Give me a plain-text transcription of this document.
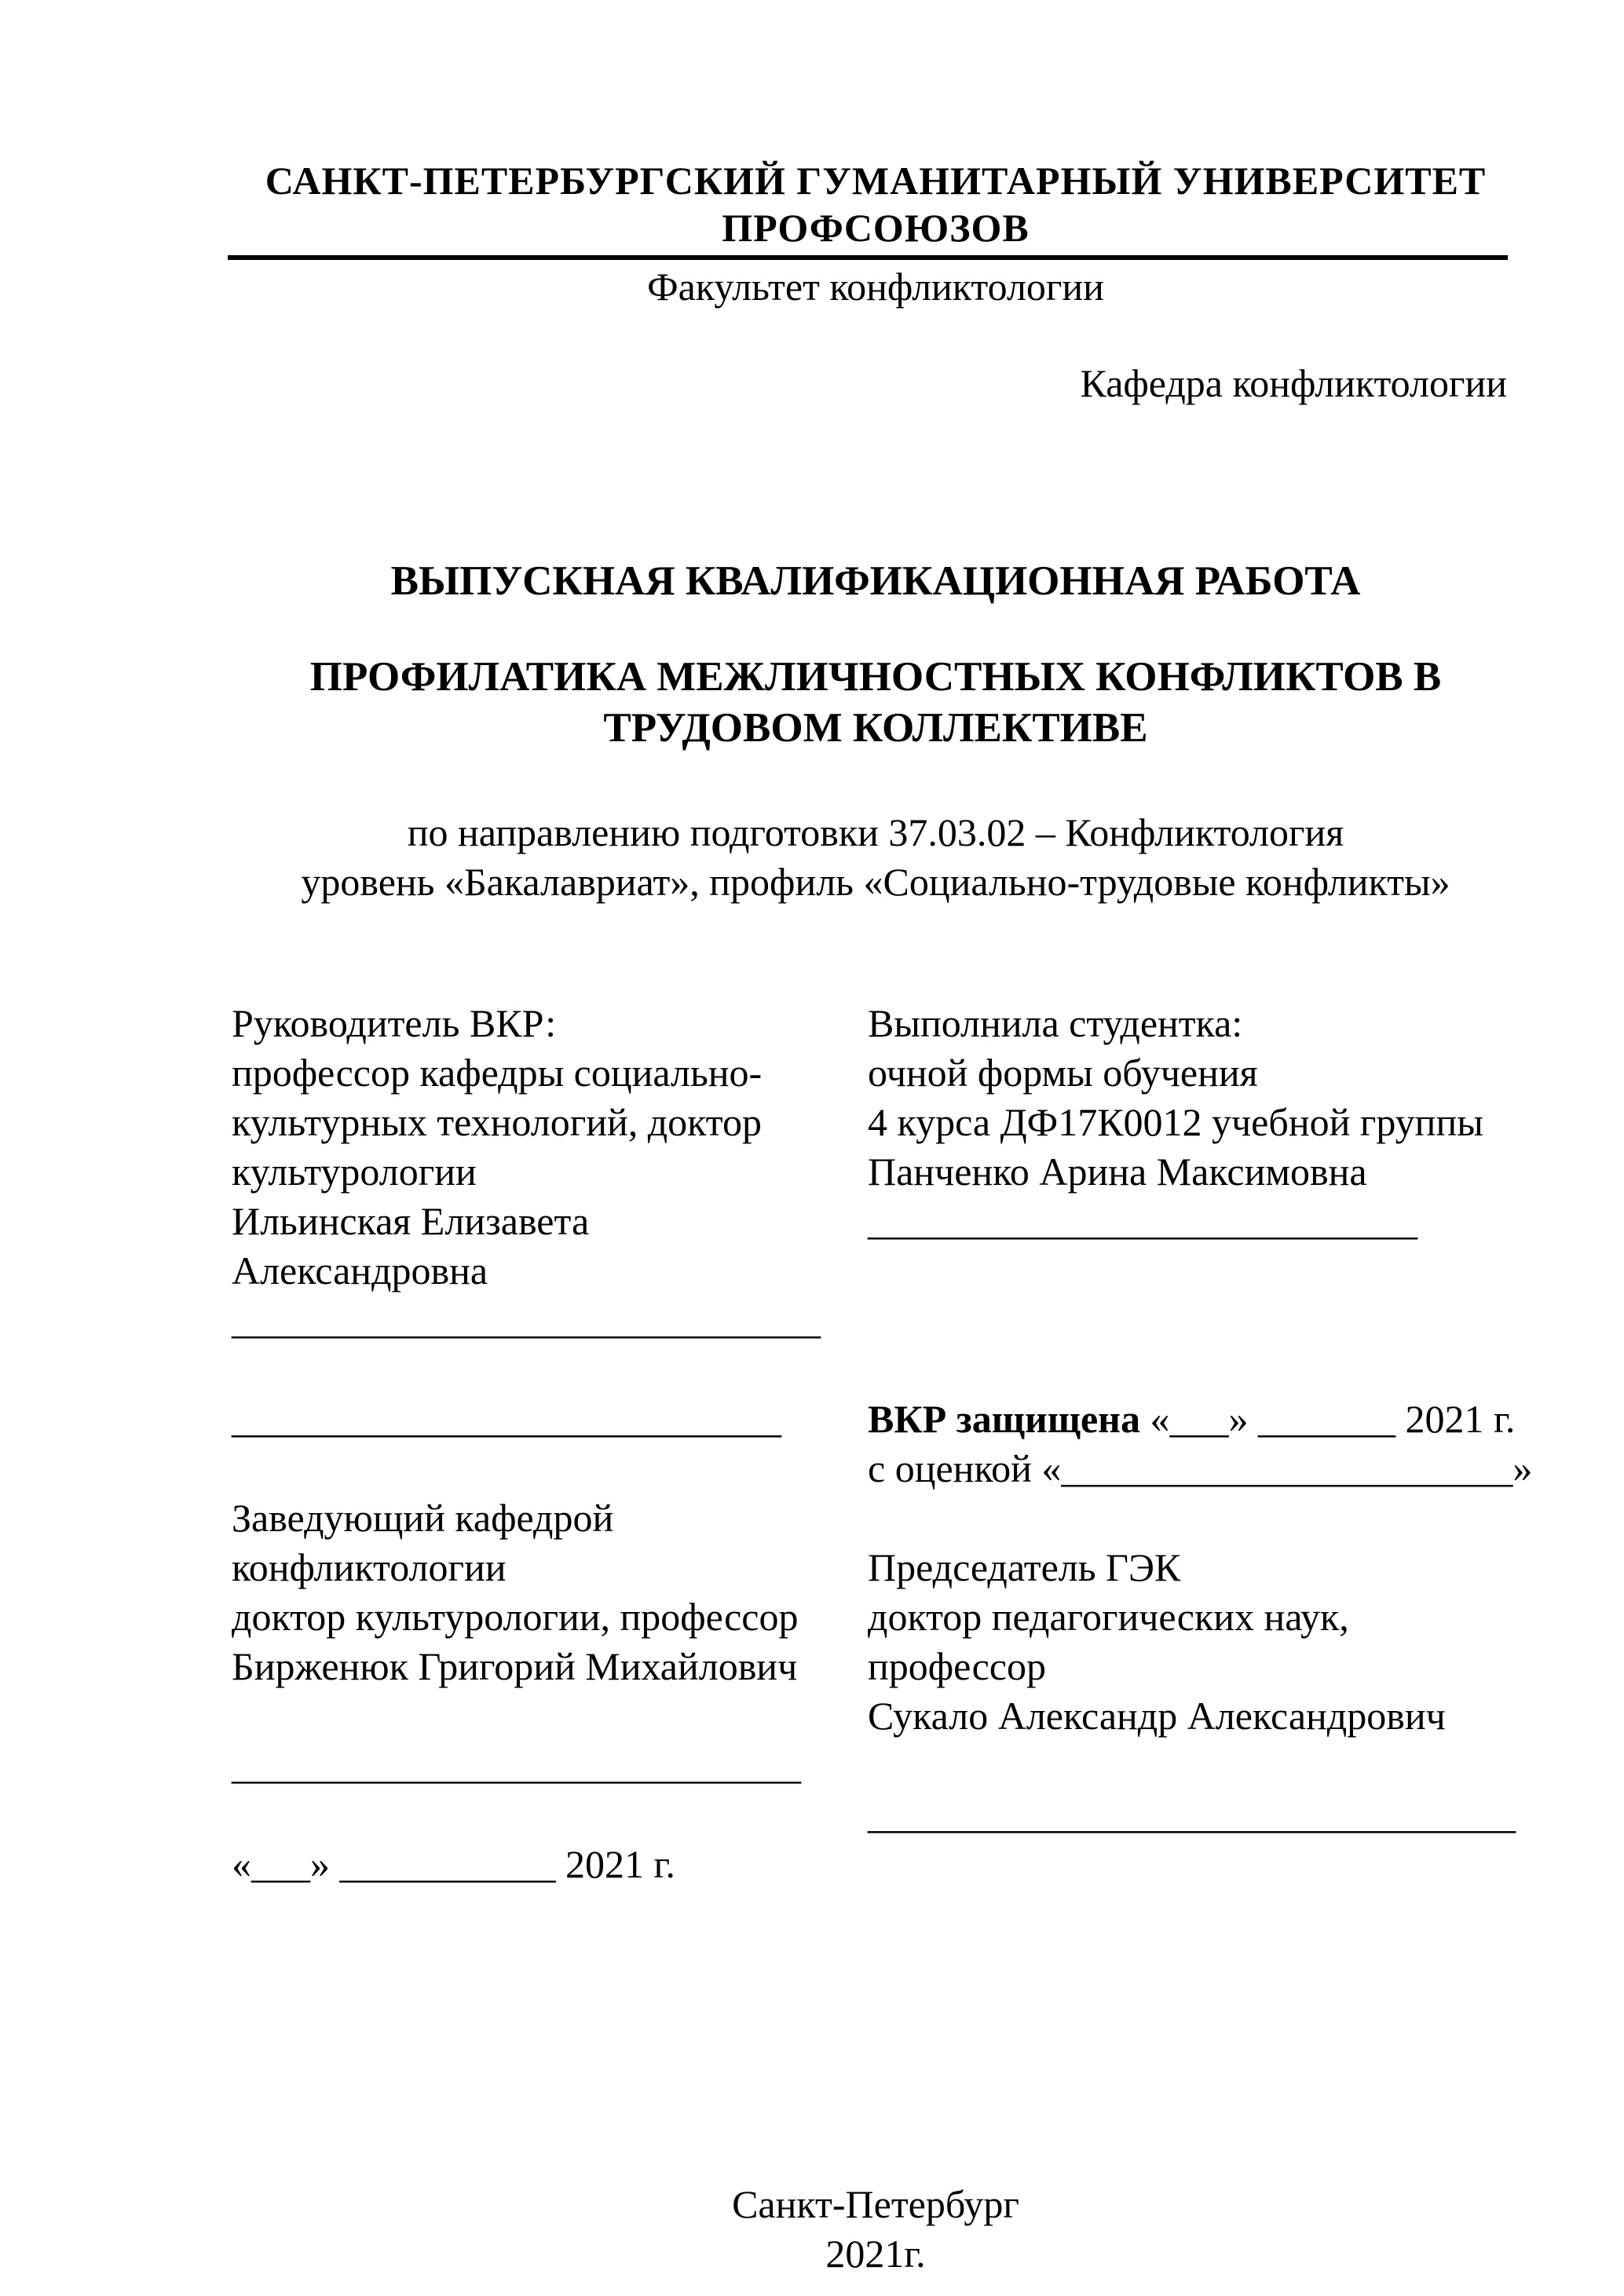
САНКТ-ПЕТЕРБУРГСКИЙ ГУМАНИТАРНЫЙ УНИВЕРСИТЕТ
ПРОФСОЮЗОВ
Факультет конфликтологии
Кафедра конфликтологии
ВЫПУСКНАЯ КВАЛИФИКАЦИОННАЯ РАБОТА
ПРОФИЛАТИКА МЕЖЛИЧНОСТНЫХ КОНФЛИКТОВ В
ТРУДОВОМ КОЛЛЕКТИВЕ
по направлению подготовки 37.03.02 – Конфликтология
уровень «Бакалавриат», профиль «Социально-трудовые конфликты»
Руководитель ВКР:
профессор кафедры социально-
культурных технологий, доктор
культурологии
Ильинская Елизавета
Александровна
______________________________
____________________________
Заведующий кафедрой
конфликтологии
доктор культурологии, профессор
Бирженюк Григорий Михайлович
_____________________________
«___» ___________ 2021 г.
Выполнила студентка:
очной формы обучения
4 курса ДФ17К0012 учебной группы
Панченко Арина Максимовна
____________________________
ВКР защищена «___» _______ 2021 г.
с оценкой «_______________________»
Председатель ГЭК
доктор педагогических наук,
профессор
Сукало Александр Александрович
_________________________________
Санкт-Петербург
2021г.
